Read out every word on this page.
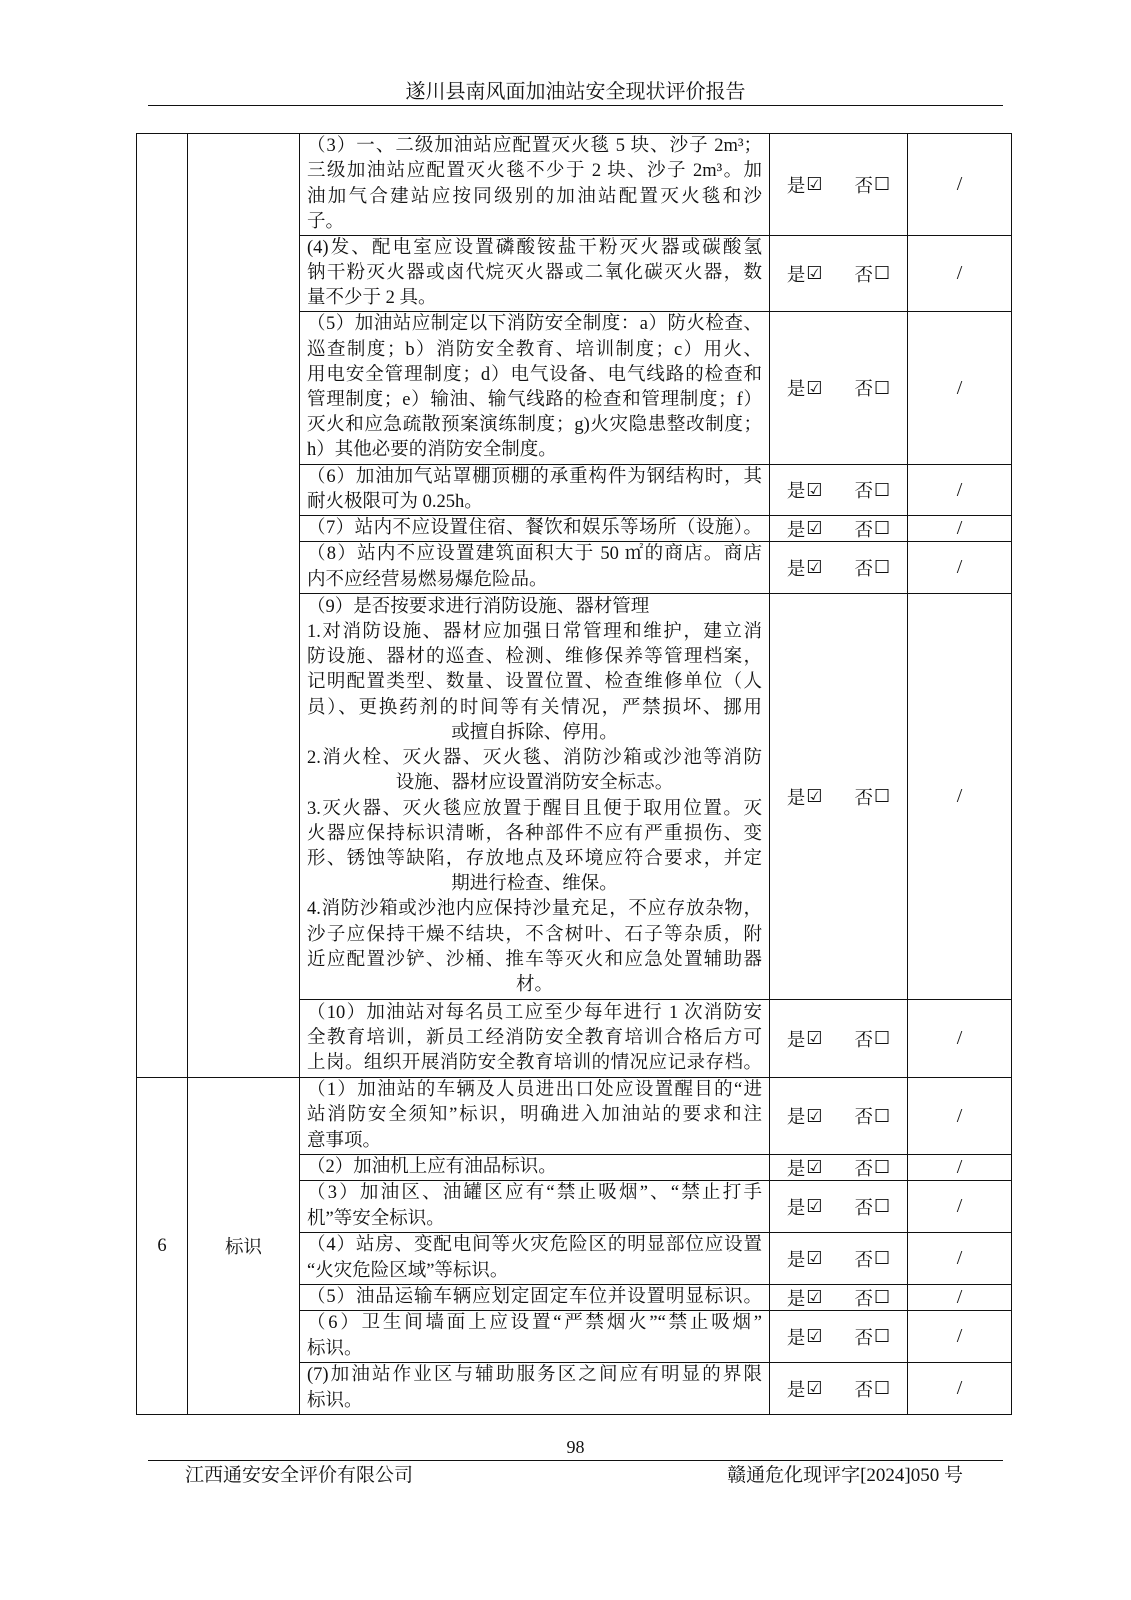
遂川县南风面加油站安全现状评价报告
（3）一、二级加油站应配置灭火毯 5 块、沙子 2m³；
三级加油站应配置灭火毯不少于 2 块、沙子 2m³。加
油加气合建站应按同级别的加油站配置灭火毯和沙
子。
是 ☑ 否 ☐	/
(4)发、配电室应设置磷酸铵盐干粉灭火器或碳酸氢
钠干粉灭火器或卤代烷灭火器或二氧化碳灭火器，数
量不少于 2 具。
是 ☑ 否 ☐	/
（5）加油站应制定以下消防安全制度：a）防火检查、
巡查制度；b）消防安全教育、培训制度；c）用火、
用电安全管理制度；d）电气设备、电气线路的检查和
管理制度；e）输油、输气线路的检查和管理制度；f）
灭火和应急疏散预案演练制度；g)火灾隐患整改制度；
h）其他必要的消防安全制度。
是 ☑ 否 ☐	/
（6）加油加气站罩棚顶棚的承重构件为钢结构时，其
耐火极限可为 0.25h。	是 ☑ 否 ☐	/
（7）站内不应设置住宿、餐饮和娱乐等场所（设施）。 是 ☑ 否 ☐	/
（8）站内不应设置建筑面积大于 50 ㎡的商店。商店
内不应经营易燃易爆危险品。	是 ☑ 否 ☐	/
（9）是否按要求进行消防设施、器材管理
1.对消防设施、器材应加强日常管理和维护，建立消
防设施、器材的巡查、检测、维修保养等管理档案，
记明配置类型、数量、设置位置、检查维修单位（人
员）、更换药剂的时间等有关情况，严禁损坏、挪用
或擅自拆除、停用。
2.消火栓、灭火器、灭火毯、消防沙箱或沙池等消防
设施、器材应设置消防安全标志。
3.灭火器、灭火毯应放置于醒目且便于取用位置。灭
火器应保持标识清晰，各种部件不应有严重损伤、变
形、锈蚀等缺陷，存放地点及环境应符合要求，并定
期进行检查、维保。
4.消防沙箱或沙池内应保持沙量充足，不应存放杂物，
沙子应保持干燥不结块，不含树叶、石子等杂质，附
近应配置沙铲、沙桶、推车等灭火和应急处置辅助器
材。
是 ☑ 否 ☐	/
（10）加油站对每名员工应至少每年进行 1 次消防安
全教育培训，新员工经消防安全教育培训合格后方可
上岗。组织开展消防安全教育培训的情况应记录存档。
是 ☑ 否 ☐	/
6	标识
（1）加油站的车辆及人员进出口处应设置醒目的“进
站消防安全须知”标识，明确进入加油站的要求和注
意事项。
是 ☑ 否 ☐	/
（2）加油机上应有油品标识。	是 ☑ 否 ☐	/
（3）加油区、油罐区应有“禁止吸烟”、“禁止打手
机”等安全标识。	是 ☑ 否 ☐	/
（4）站房、变配电间等火灾危险区的明显部位应设置
“火灾危险区域”等标识。	是 ☑ 否 ☐	/
（5）油品运输车辆应划定固定车位并设置明显标识。 是 ☑ 否 ☐	/
（6）卫生间墙面上应设置“严禁烟火”“禁止吸烟”
标识。	是 ☑ 否 ☐	/
(7)加油站作业区与辅助服务区之间应有明显的界限
标识。	是 ☑ 否 ☐	/
98
江西通安安全评价有限公司	赣通危化现评字[2024]050 号
